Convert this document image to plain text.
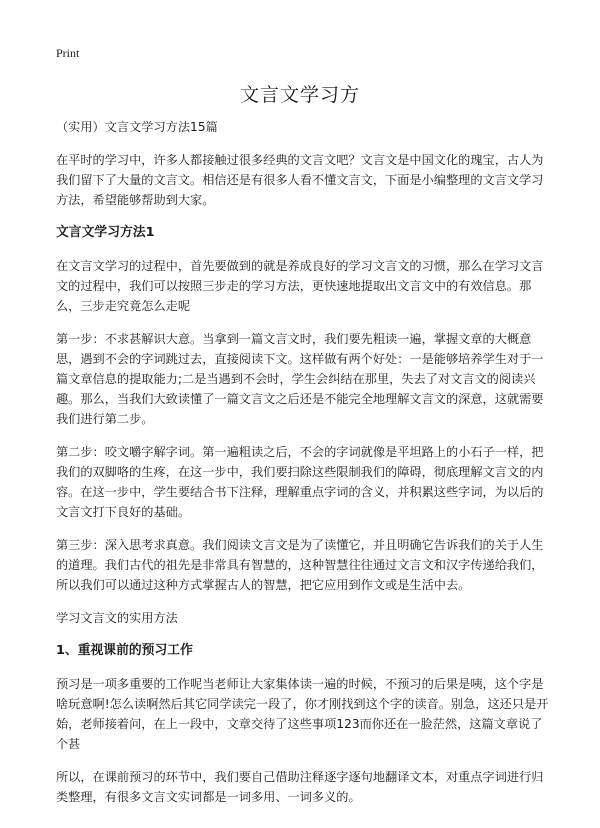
Print
文言文学习方

（实用）文言文学习方法15篇

在平时的学习中，许多人都接触过很多经典的文言文吧？文言文是中国文化的瑰宝，古人为我们留下了大量的文言文。相信还是有很多人看不懂文言文，下面是小编整理的文言文学习方法，希望能够帮助到大家。

文言文学习方法1

在文言文学习的过程中，首先要做到的就是养成良好的学习文言文的习惯，那么在学习文言文的过程中，我们可以按照三步走的学习方法，更快速地提取出文言文中的有效信息。那么，三步走究竟怎么走呢

第一步：不求甚解识大意。当拿到一篇文言文时，我们要先粗读一遍，掌握文章的大概意思，遇到不会的字词跳过去，直接阅读下文。这样做有两个好处：一是能够培养学生对于一篇文章信息的提取能力;二是当遇到不会时，学生会纠结在那里，失去了对文言文的阅读兴趣。那么，当我们大致读懂了一篇文言文之后还是不能完全地理解文言文的深意，这就需要我们进行第二步。

第二步：咬文嚼字解字词。第一遍粗读之后，不会的字词就像是平坦路上的小石子一样，把我们的双脚咯的生疼，在这一步中，我们要扫除这些限制我们的障碍，彻底理解文言文的内容。在这一步中，学生要结合书下注释，理解重点字词的含义，并积累这些字词，为以后的文言文打下良好的基础。

第三步：深入思考求真意。我们阅读文言文是为了读懂它，并且明确它告诉我们的关于人生的道理。我们古代的祖先是非常具有智慧的，这种智慧往往通过文言文和汉字传递给我们，所以我们可以通过这种方式掌握古人的智慧，把它应用到作文或是生活中去。

学习文言文的实用方法

1、重视课前的预习工作

预习是一项多重要的工作呢当老师让大家集体读一遍的时候，不预习的后果是咦，这个字是啥玩意啊!怎么读啊然后其它同学读完一段了，你才刚找到这个字的读音。别急，这还只是开始，老师接着问，在上一段中，文章交待了这些事项123而你还在一脸茫然，这篇文章说了个甚

所以，在课前预习的环节中，我们要自己借助注释逐字逐句地翻译文本，对重点字词进行归类整理，有很多文言文实词都是一词多用、一词多义的。
